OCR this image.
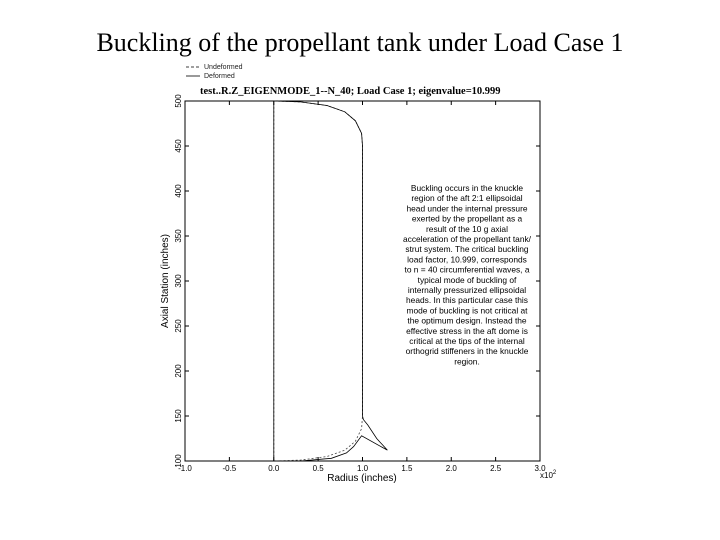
Buckling of the propellant tank under Load Case 1
Undeformed
Deformed
test..R.Z_EIGENMODE_1--N_40; Load Case 1; eigenvalue=10.999
-1.0	-0.5	0.0	0.5	1.0	1.5	2.0	2.5	3.0
100
150
200
250
300
350
400
450
500
Radius (inches)
Axial Station (inches)
$x10^2$
Buckling occurs in the knuckle
region of the aft 2:1 ellipsoidal
head under the internal pressure
exerted by the propellant as a
result of the 10 g axial
acceleration of the propellant tank/
strut system. The critical buckling
load factor, 10.999, corresponds
to n = 40 circumferential waves, a
typical mode of buckling of
internally pressurized ellipsoidal
heads. In this particular case this
mode of buckling is not critical at
the optimum design. Instead the
effective stress in the aft dome is
critical at the tips of the internal
orthogrid stiffeners in the knuckle
region.
